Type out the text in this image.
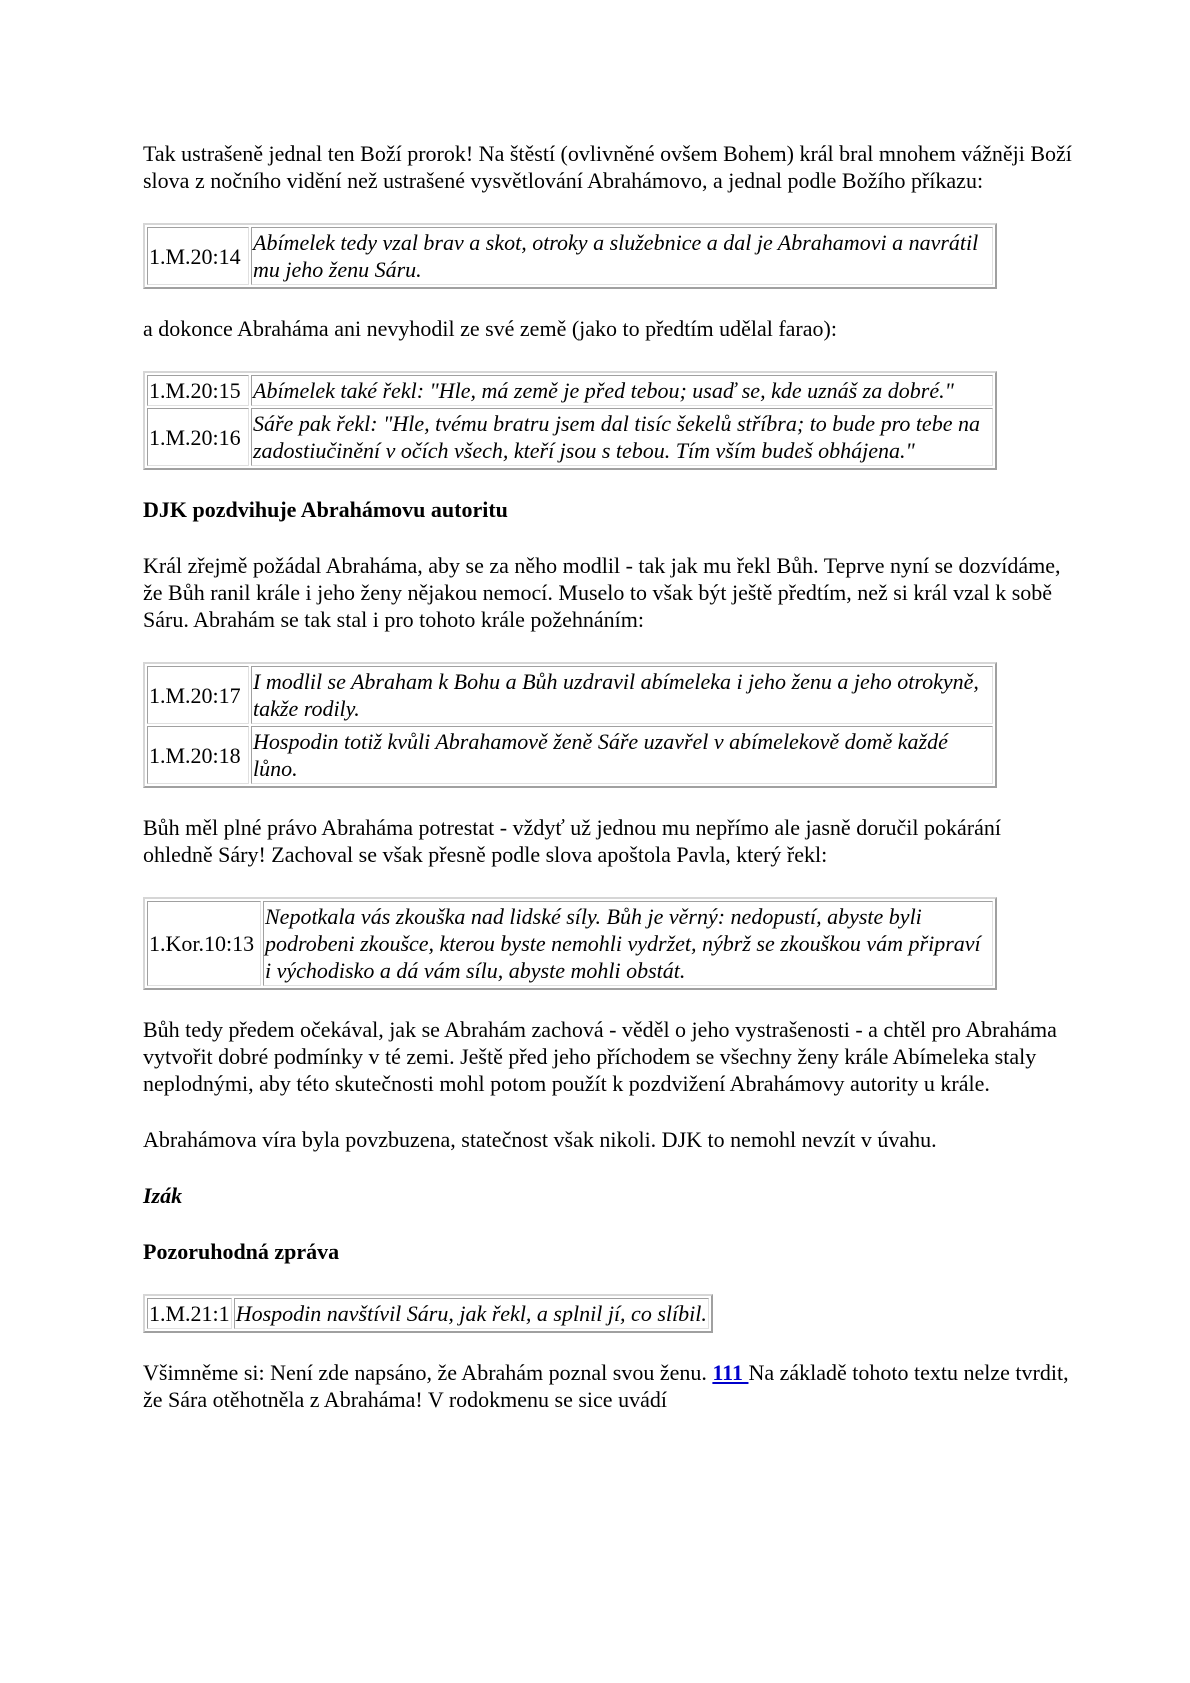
Tak ustrašeně jednal ten Boží prorok! Na štěstí (ovlivněné ovšem Bohem) král bral mnohem vážněji Boží slova z nočního vidění než ustrašené vysvětlování Abrahámovo, a jednal podle Božího příkazu:

1.M.20:14	Abímelek tedy vzal brav a skot, otroky a služebnice a dal je Abrahamovi a navrátil mu jeho ženu Sáru.

a dokonce Abraháma ani nevyhodil ze své země (jako to předtím udělal farao):

1.M.20:15	Abímelek také řekl: "Hle, má země je před tebou; usaď se, kde uznáš za dobré."
1.M.20:16	Sáře pak řekl: "Hle, tvému bratru jsem dal tisíc šekelů stříbra; to bude pro tebe na zadostiučinění v očích všech, kteří jsou s tebou. Tím vším budeš obhájena."

DJK pozdvihuje Abrahámovu autoritu

Král zřejmě požádal Abraháma, aby se za něho modlil - tak jak mu řekl Bůh. Teprve nyní se dozvídáme, že Bůh ranil krále i jeho ženy nějakou nemocí. Muselo to však být ještě předtím, než si král vzal k sobě Sáru. Abrahám se tak stal i pro tohoto krále požehnáním:

1.M.20:17	I modlil se Abraham k Bohu a Bůh uzdravil abímeleka i jeho ženu a jeho otrokyně, takže rodily.
1.M.20:18	Hospodin totiž kvůli Abrahamově ženě Sáře uzavřel v abímelekově domě každé lůno.

Bůh měl plné právo Abraháma potrestat - vždyť už jednou mu nepřímo ale jasně doručil pokárání ohledně Sáry! Zachoval se však přesně podle slova apoštola Pavla, který řekl:

1.Kor.10:13	Nepotkala vás zkouška nad lidské síly. Bůh je věrný: nedopustí, abyste byli podrobeni zkoušce, kterou byste nemohli vydržet, nýbrž se zkouškou vám připraví i východisko a dá vám sílu, abyste mohli obstát.

Bůh tedy předem očekával, jak se Abrahám zachová - věděl o jeho vystrašenosti - a chtěl pro Abraháma vytvořit dobré podmínky v té zemi. Ještě před jeho příchodem se všechny ženy krále Abímeleka staly neplodnými, aby této skutečnosti mohl potom použít k pozdvižení Abrahámovy autority u krále.

Abrahámova víra byla povzbuzena, statečnost však nikoli. DJK to nemohl nevzít v úvahu.

Izák

Pozoruhodná zpráva

1.M.21:1	Hospodin navštívil Sáru, jak řekl, a splnil jí, co slíbil.

Všimněme si: Není zde napsáno, že Abrahám poznal svou ženu. 111 Na základě tohoto textu nelze tvrdit, že Sára otěhotněla z Abraháma! V rodokmenu se sice uvádí
